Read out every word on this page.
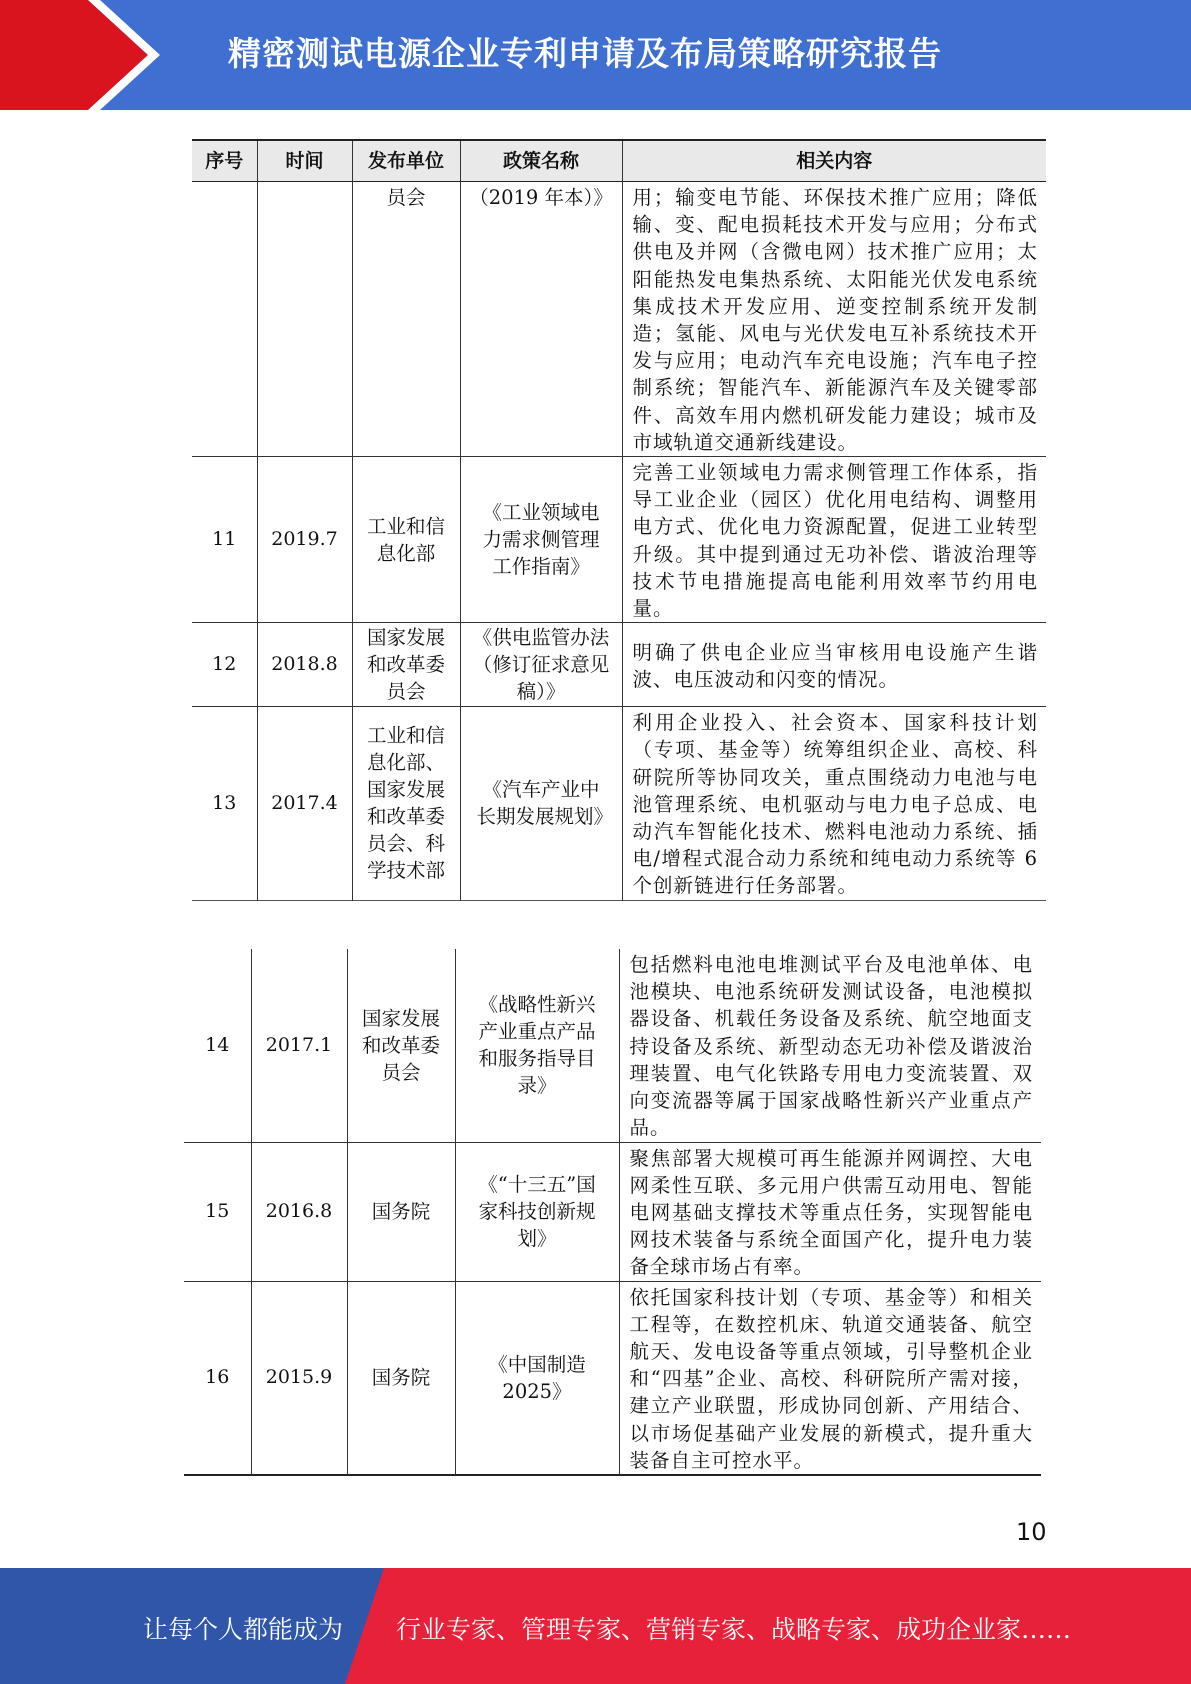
精密测试电源企业专利申请及布局策略研究报告
序号	时间	发布单位	政策名称	相关内容
		员会	（2019 年本）》	用；输变电节能、环保技术推广应用；降低输、变、配电损耗技术开发与应用；分布式供电及并网（含微电网）技术推广应用；太阳能热发电集热系统、太阳能光伏发电系统集成技术开发应用、逆变控制系统开发制造；氢能、风电与光伏发电互补系统技术开发与应用；电动汽车充电设施；汽车电子控制系统；智能汽车、新能源汽车及关键零部件、高效车用内燃机研发能力建设；城市及市域轨道交通新线建设。
11	2019.7	工业和信息化部	《工业领域电力需求侧管理工作指南》	完善工业领域电力需求侧管理工作体系，指导工业企业（园区）优化用电结构、调整用电方式、优化电力资源配置，促进工业转型升级。其中提到通过无功补偿、谐波治理等技术节电措施提高电能利用效率节约用电量。
12	2018.8	国家发展和改革委员会	《供电监管办法（修订征求意见稿）》	明确了供电企业应当审核用电设施产生谐波、电压波动和闪变的情况。
13	2017.4	工业和信息化部、国家发展和改革委员会、科学技术部	《汽车产业中长期发展规划》	利用企业投入、社会资本、国家科技计划（专项、基金等）统筹组织企业、高校、科研院所等协同攻关，重点围绕动力电池与电池管理系统、电机驱动与电力电子总成、电动汽车智能化技术、燃料电池动力系统、插电/增程式混合动力系统和纯电动力系统等 6 个创新链进行任务部署。
14	2017.1	国家发展和改革委员会	《战略性新兴产业重点产品和服务指导目录》	包括燃料电池电堆测试平台及电池单体、电池模块、电池系统研发测试设备，电池模拟器设备、机载任务设备及系统、航空地面支持设备及系统、新型动态无功补偿及谐波治理装置、电气化铁路专用电力变流装置、双向变流器等属于国家战略性新兴产业重点产品。
15	2016.8	国务院	《“十三五”国家科技创新规划》	聚焦部署大规模可再生能源并网调控、大电网柔性互联、多元用户供需互动用电、智能电网基础支撑技术等重点任务，实现智能电网技术装备与系统全面国产化，提升电力装备全球市场占有率。
16	2015.9	国务院	《中国制造 2025》	依托国家科技计划（专项、基金等）和相关工程等，在数控机床、轨道交通装备、航空航天、发电设备等重点领域，引导整机企业和“四基”企业、高校、科研院所产需对接，建立产业联盟，形成协同创新、产用结合、以市场促基础产业发展的新模式，提升重大装备自主可控水平。
10
让每个人都能成为 行业专家、管理专家、营销专家、战略专家、成功企业家……
